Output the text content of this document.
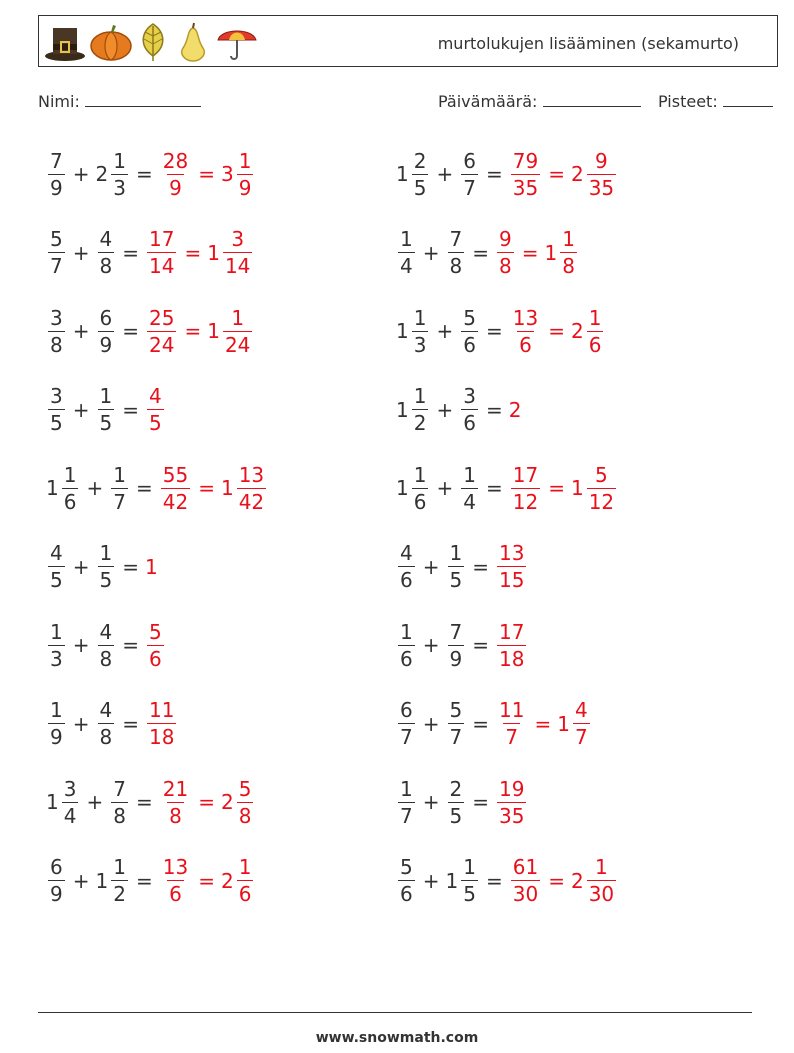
murtolukujen lisääminen (sekamurto)
Nimi:	Päivämäärä:	Pisteet:
$\frac{7}{9} + 2 \frac{1}{3} = \frac{28}{9} = 3 \frac{1}{9}$	$1 \frac{2}{5} + \frac{6}{7} = \frac{79}{35} = 2 \frac{9}{35}$
$\frac{5}{7} + \frac{4}{8} = \frac{17}{14} = 1 \frac{3}{14}$	$\frac{1}{4} + \frac{7}{8} = \frac{9}{8} = 1 \frac{1}{8}$
$\frac{3}{8} + \frac{6}{9} = \frac{25}{24} = 1 \frac{1}{24}$	$1 \frac{1}{3} + \frac{5}{6} = \frac{13}{6} = 2 \frac{1}{6}$
$\frac{3}{5} + \frac{1}{5} = \frac{4}{5}$	$1 \frac{1}{2} + \frac{3}{6} = 2$
$1 \frac{1}{6} + \frac{1}{7} = \frac{55}{42} = 1 \frac{13}{42}$	$1 \frac{1}{6} + \frac{1}{4} = \frac{17}{12} = 1 \frac{5}{12}$
$\frac{4}{5} + \frac{1}{5} = 1$	$\frac{4}{6} + \frac{1}{5} = \frac{13}{15}$
$\frac{1}{3} + \frac{4}{8} = \frac{5}{6}$	$\frac{1}{6} + \frac{7}{9} = \frac{17}{18}$
$\frac{1}{9} + \frac{4}{8} = \frac{11}{18}$	$\frac{6}{7} + \frac{5}{7} = \frac{11}{7} = 1 \frac{4}{7}$
$1 \frac{3}{4} + \frac{7}{8} = \frac{21}{8} = 2 \frac{5}{8}$	$\frac{1}{7} + \frac{2}{5} = \frac{19}{35}$
$\frac{6}{9} + 1 \frac{1}{2} = \frac{13}{6} = 2 \frac{1}{6}$	$\frac{5}{6} + 1 \frac{1}{5} = \frac{61}{30} = 2 \frac{1}{30}$
www.snowmath.com
